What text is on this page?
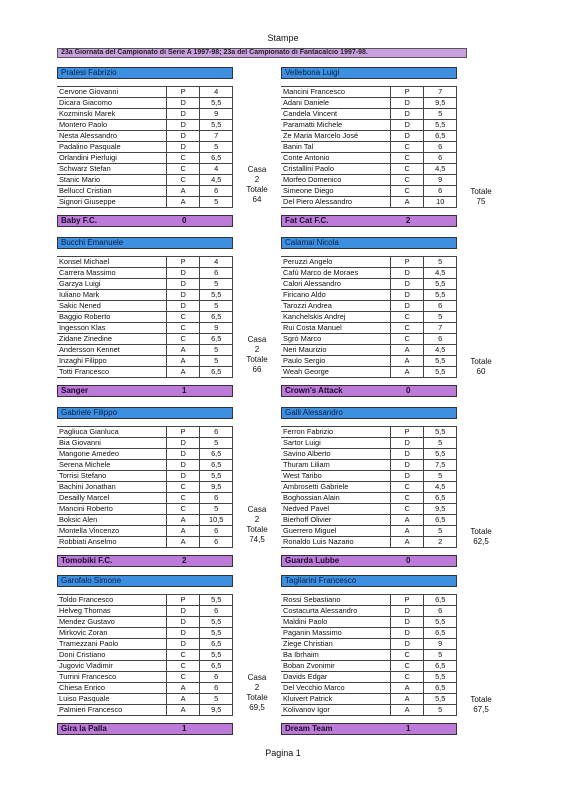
Stampe
23a Giornata del Campionato di Serie A 1997-98; 23a del Campionato di Fantacalcio 1997-98.
Pratesi Fabrizio
Cervone Giovanni	P	4
Dicara Giacomo	D	5,5
Kozminski Marek	D	9
Montero Paolo	D	5,5
Nesta Alessandro	D	7
Padalino Pasquale	D	5
Orlandini Pierluigi	C	6,5
Schwarz Stefan	C	4
Stanic Mario	C	4,5
Belluccl Cristian	A	6
Signori Giuseppe	A	5
Baby F.C.	0
Vellebona Luigi
Mancini Francesco	P	7
Adani Daniele	D	9,5
Candela Vincent	D	5
Paramatti Michele	D	5,5
Ze Maria Marcelo José	D	6,5
Banin Tal	C	6
Conte Antonio	C	6
Cristallini Paolo	C	4,5
Morfeo Domenico	C	9
Simeone Diego	C	6
Del Piero Alessandro	A	10
Fat Cat F.C.	2
Casa
2
Totale
64
Totale
75
Bucchi Emanuele
Konsel Michael	P	4
Carrera Massimo	D	6
Garzya Luigi	D	5
Iuliano Mark	D	5,5
Sakic Nened	D	5
Baggio Roberto	C	6,5
Ingesson Klas	C	9
Zidane Zinedine	C	6,5
Andersson Kennet	A	5
Inzaghi Filippo	A	5
Totti Francesco	A	6,5
Sanger	1
Calamai Nicola
Peruzzi Angelo	P	5
Cafù Marco de Moraes	D	4,5
Calori Alessandro	D	5,5
Firicano Aldo	D	5,5
Tarozzi Andrea	D	6
Kanchelskis Andrej	C	5
Rui Costa Manuel	C	7
Sgrò Marco	C	6
Neri Maurizio	A	4,5
Paulo Sergio	A	5,5
Weah George	A	5,5
Crown's Attack	0
Casa
2
Totale
66
Totale
60
Gabriele Filippo
Pagliuca Gianluca	P	6
Bia Giovanni	D	5
Mangone Amedeo	D	6,5
Serena Michele	D	6,5
Torrisi Stefano	D	5,5
Bachini Jonathan	C	9,5
Desailly Marcel	C	6
Mancini Roberto	C	5
Boksic Alen	A	10,5
Montella Vincenzo	A	6
Robbiati Anselmo	A	6
Tomobiki F.C.	2
Galli Alessandro
Ferron Fabrizio	P	5,5
Sartor Luigi	D	5
Savino Alberto	D	5,5
Thuram Liliam	D	7,5
West Taribo	D	5
Ambrosetti Gabriele	C	4,5
Boghossian Alain	C	6,5
Nedved Pavel	C	9,5
Bierhoff Olivier	A	6,5
Guerrero Miguel	A	5
Ronaldo Luis Nazario	A	2
Guarda Lubbe	0
Casa
2
Totale
74,5
Totale
62,5
Garofalo Simone
Toldo Francesco	P	5,5
Helveg Thomas	D	6
Mendez Gustavo	D	5,5
Mirkovic Zoran	D	5,5
Tramezzani Paolo	D	6,5
Doni Cristiano	C	5,5
Jugovic Vladimir	C	6,5
Turrini Francesco	C	6
Chiesa Enrico	A	6
Luiso Pasquale	A	5
Palmieri Francesco	A	9,5
Gira la Palla	1
Tagliarini Francesco
Rossi Sebastiano	P	6,5
Costacurta Alessandro	D	6
Maldini Paolo	D	5,5
Paganin Massimo	D	6,5
Ziege Christian	D	9
Ba Ibrhaim	C	5
Boban Zvonimir	C	6,5
Davids Edgar	C	5,5
Del Vecchio Marco	A	6,5
Kluivert Patrick	A	5,5
Kolivanov Igor	A	5
Dream Team	1
Casa
2
Totale
69,5
Totale
67,5
Pagina 1
